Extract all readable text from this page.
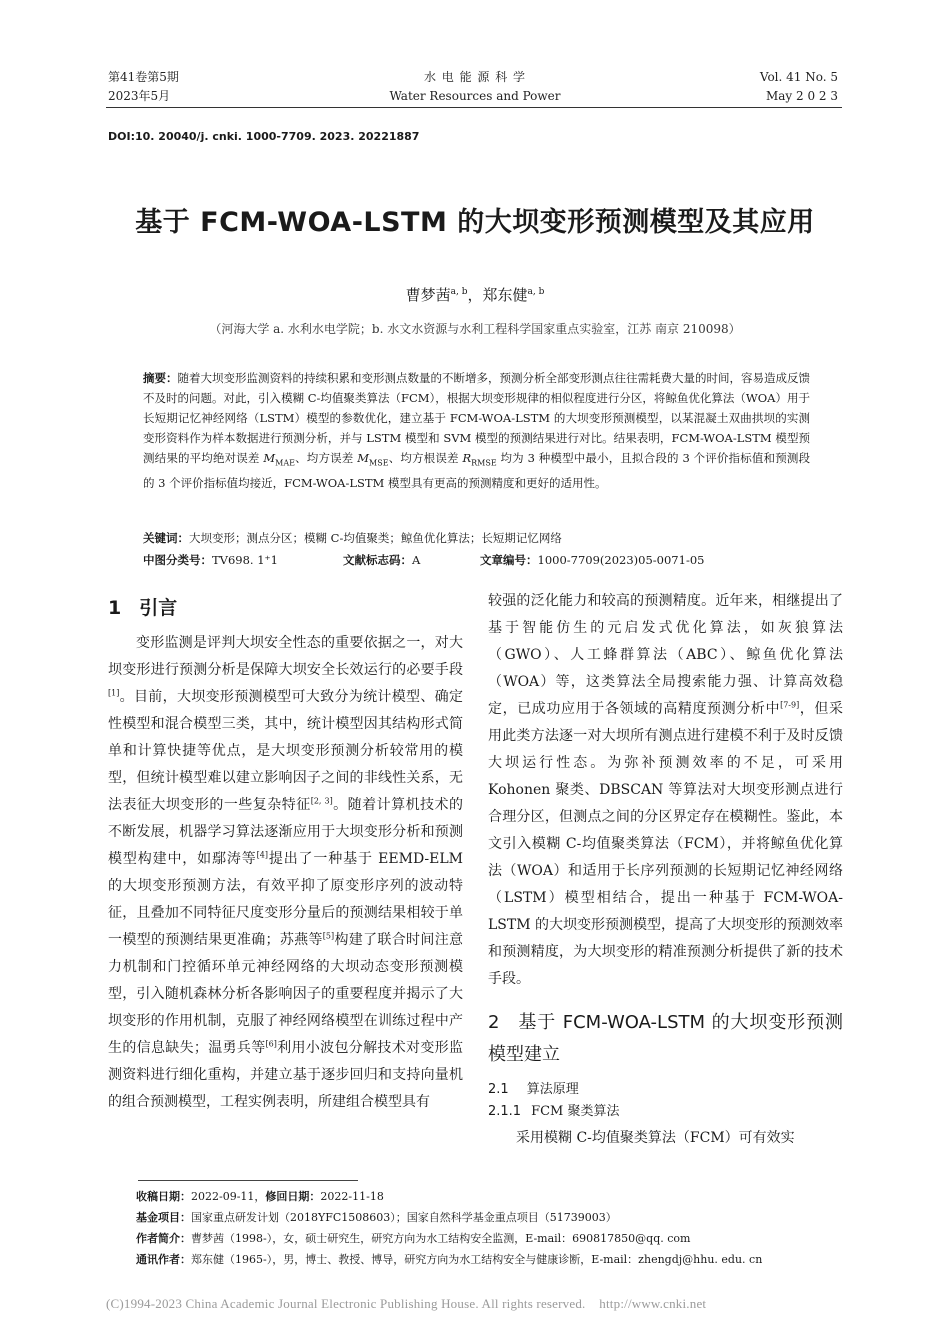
第41卷第5期
2023年5月
水 电 能 源 科 学
Water Resources and Power
Vol. 41 No. 5
May 2 0 2 3
DOI:10. 20040/j. cnki. 1000-7709. 2023. 20221887
基于 FCM-WOA-LSTM 的大坝变形预测模型及其应用
曹梦茜$^{a, b}$，郑东健$^{a, b}$
（河海大学 a. 水利水电学院；b. 水文水资源与水利工程科学国家重点实验室，江苏 南京 210098）
摘要：随着大坝变形监测资料的持续积累和变形测点数量的不断增多，预测分析全部变形测点往往需耗费大量的时间，容易造成反馈不及时的问题。对此，引入模糊 C-均值聚类算法（FCM），根据大坝变形规律的相似程度进行分区，将鲸鱼优化算法（WOA）用于长短期记忆神经网络（LSTM）模型的参数优化，建立基于 FCM-WOA-LSTM 的大坝变形预测模型，以某混凝土双曲拱坝的实测变形资料作为样本数据进行预测分析，并与 LSTM 模型和 SVM 模型的预测结果进行对比。结果表明，FCM-WOA-LSTM 模型预测结果的平均绝对误差 $M_{MAE}$、均方误差 $M_{MSE}$、均方根误差 $R_{RMSE}$ 均为 3 种模型中最小，且拟合段的 3 个评价指标值和预测段的 3 个评价指标值均接近，FCM-WOA-LSTM 模型具有更高的预测精度和更好的适用性。
关键词：大坝变形；测点分区；模糊 C-均值聚类；鲸鱼优化算法；长短期记忆网络
中图分类号：TV698. 1⁺1	文献标志码：A	文章编号：1000-7709(2023)05-0071-05
1 引言

变形监测是评判大坝安全性态的重要依据之一，对大坝变形进行预测分析是保障大坝安全长效运行的必要手段[1]。目前，大坝变形预测模型可大致分为统计模型、确定性模型和混合模型三类，其中，统计模型因其结构形式简单和计算快捷等优点，是大坝变形预测分析较常用的模型，但统计模型难以建立影响因子之间的非线性关系，无法表征大坝变形的一些复杂特征[2, 3]。随着计算机技术的不断发展，机器学习算法逐渐应用于大坝变形分析和预测模型构建中，如鄢涛等[4]提出了一种基于 EEMD-ELM 的大坝变形预测方法，有效平抑了原变形序列的波动特征，且叠加不同特征尺度变形分量后的预测结果相较于单一模型的预测结果更准确；苏燕等[5]构建了联合时间注意力机制和门控循环单元神经网络的大坝动态变形预测模型，引入随机森林分析各影响因子的重要程度并揭示了大坝变形的作用机制，克服了神经网络模型在训练过程中产生的信息缺失；温勇兵等[6]利用小波包分解技术对变形监测资料进行细化重构，并建立基于逐步回归和支持向量机的组合预测模型，工程实例表明，所建组合模型具有

较强的泛化能力和较高的预测精度。近年来，相继提出了基于智能仿生的元启发式优化算法，如灰狼算法（GWO）、人工蜂群算法（ABC）、鲸鱼优化算法（WOA）等，这类算法全局搜索能力强、计算高效稳定，已成功应用于各领域的高精度预测分析中[7-9]，但采用此类方法逐一对大坝所有测点进行建模不利于及时反馈大坝运行性态。为弥补预测效率的不足，可采用 Kohonen 聚类、DBSCAN 等算法对大坝变形测点进行合理分区，但测点之间的分区界定存在模糊性。鉴此，本文引入模糊 C-均值聚类算法（FCM），并将鲸鱼优化算法（WOA）和适用于长序列预测的长短期记忆神经网络（LSTM）模型相结合，提出一种基于 FCM-WOA-LSTM 的大坝变形预测模型，提高了大坝变形的预测效率和预测精度，为大坝变形的精准预测分析提供了新的技术手段。

2 基于 FCM-WOA-LSTM 的大坝变形预测模型建立
2.1 算法原理
2.1.1 FCM 聚类算法

采用模糊 C-均值聚类算法（FCM）可有效实

收稿日期：2022-09-11，修回日期：2022-11-18
基金项目：国家重点研发计划（2018YFC1508603）；国家自然科学基金重点项目（51739003）
作者简介：曹梦茜（1998-），女，硕士研究生，研究方向为水工结构安全监测，E-mail：690817850@qq. com
通讯作者：郑东健（1965-），男，博士、教授、博导，研究方向为水工结构安全与健康诊断，E-mail：zhengdj@hhu. edu. cn
(C)1994-2023 China Academic Journal Electronic Publishing House. All rights reserved.    http://www.cnki.net
